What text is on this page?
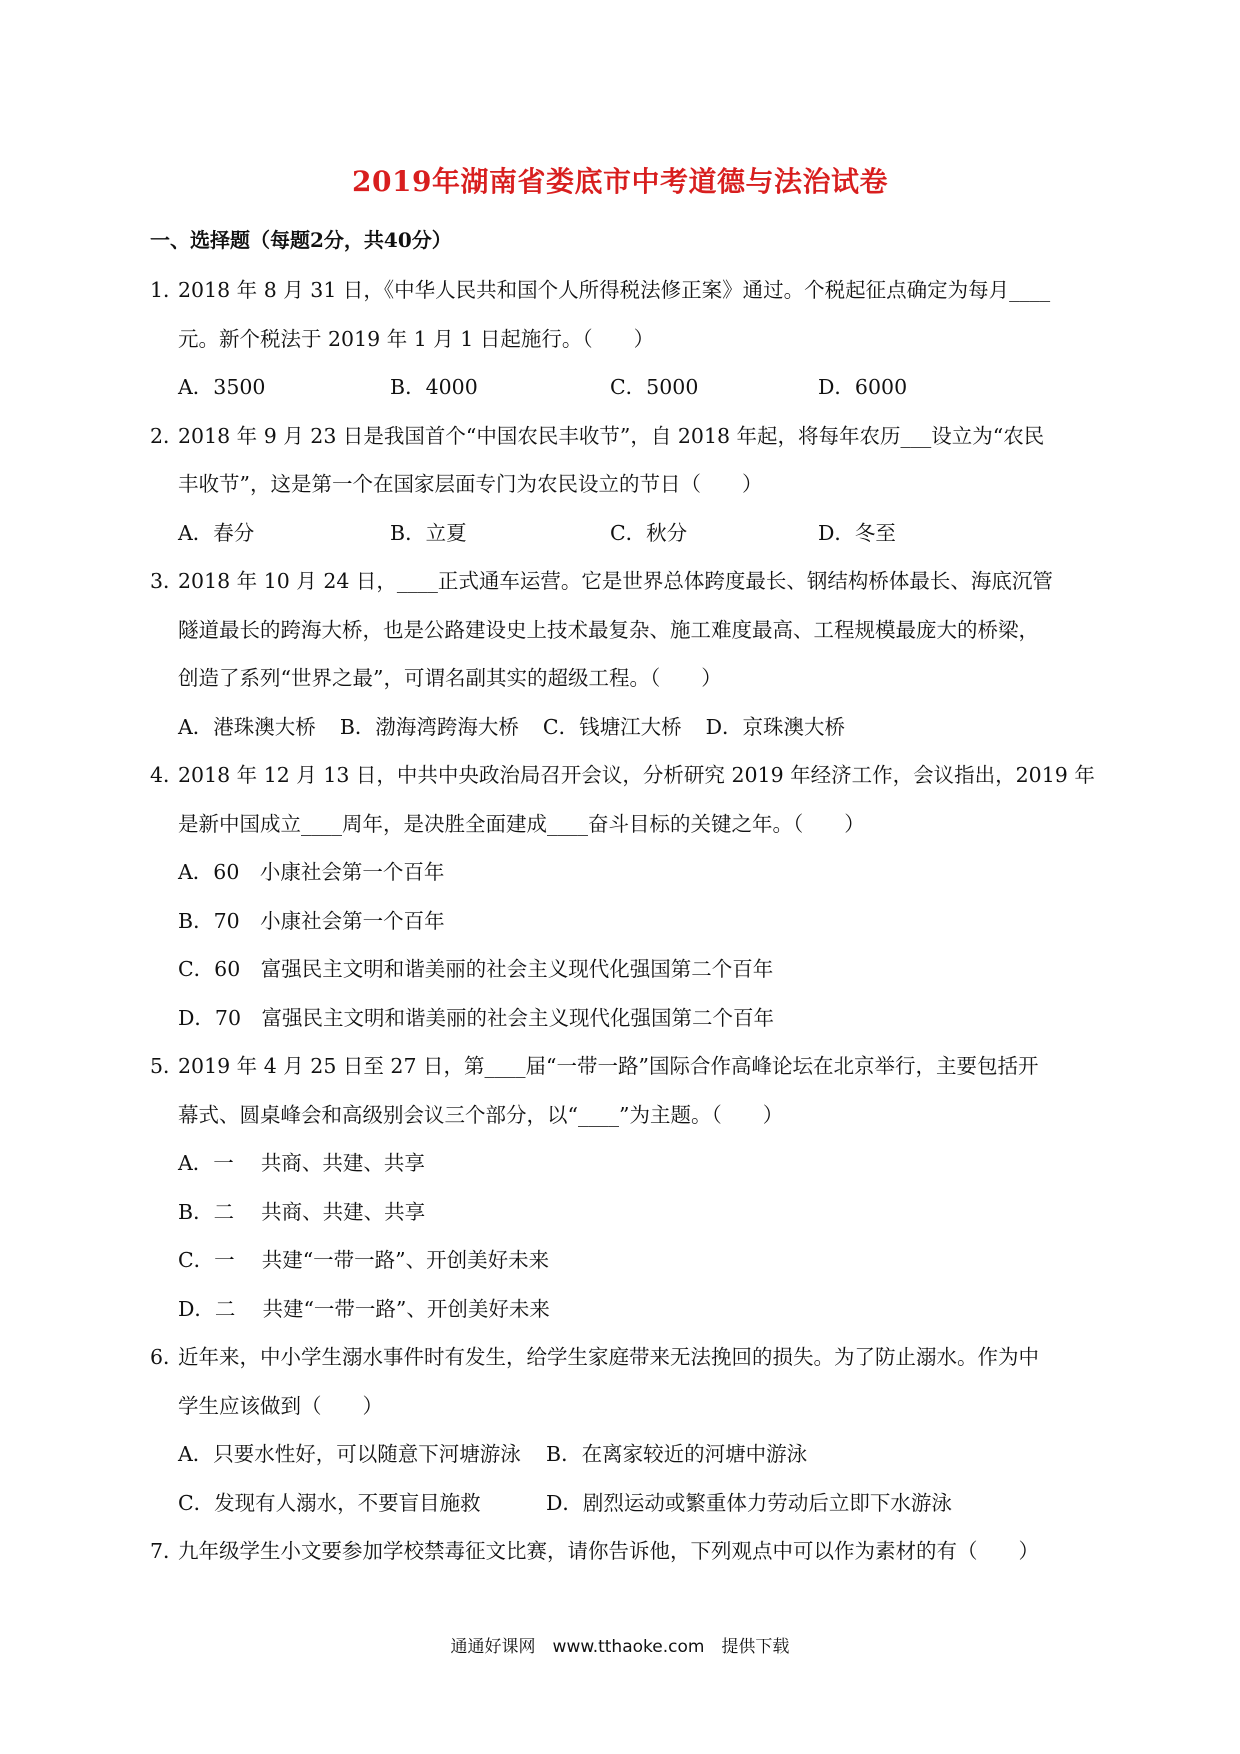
2019年湖南省娄底市中考道德与法治试卷
一、选择题（每题2分，共40分）
1．2018 年 8 月 31 日，《中华人民共和国个人所得税法修正案》通过。个税起征点确定为每月____
元。新个税法于 2019 年 1 月 1 日起施行。（　　）
A．3500	B．4000	C．5000	D．6000
2．2018 年 9 月 23 日是我国首个“中国农民丰收节”，自 2018 年起，将每年农历___设立为“农民
丰收节”，这是第一个在国家层面专门为农民设立的节日（　　）
A．春分	B．立夏	C．秋分	D．冬至
3．2018 年 10 月 24 日，____正式通车运营。它是世界总体跨度最长、钢结构桥体最长、海底沉管
隧道最长的跨海大桥，也是公路建设史上技术最复杂、施工难度最高、工程规模最庞大的桥梁，
创造了系列“世界之最”，可谓名副其实的超级工程。（　　）
A．港珠澳大桥 B．渤海湾跨海大桥 C．钱塘江大桥 D．京珠澳大桥
4．2018 年 12 月 13 日，中共中央政治局召开会议，分析研究 2019 年经济工作，会议指出，2019 年
是新中国成立____周年，是决胜全面建成____奋斗目标的关键之年。（　　）
A．60　小康社会第一个百年
B．70　小康社会第一个百年
C．60　富强民主文明和谐美丽的社会主义现代化强国第二个百年
D．70　富强民主文明和谐美丽的社会主义现代化强国第二个百年
5．2019 年 4 月 25 日至 27 日，第____届“一带一路”国际合作高峰论坛在北京举行，主要包括开
幕式、圆桌峰会和高级别会议三个部分，以“____”为主题。（　　）
A．一　 共商、共建、共享
B．二　 共商、共建、共享
C．一　 共建“一带一路”、开创美好未来
D．二　 共建“一带一路”、开创美好未来
6．近年来，中小学生溺水事件时有发生，给学生家庭带来无法挽回的损失。为了防止溺水。作为中
学生应该做到（　　）
A．只要水性好，可以随意下河塘游泳	B．在离家较近的河塘中游泳
C．发现有人溺水，不要盲目施救	D．剧烈运动或繁重体力劳动后立即下水游泳
7．九年级学生小文要参加学校禁毒征文比赛，请你告诉他，下列观点中可以作为素材的有（　　）
通通好课网　www.tthaoke.com　提供下载
